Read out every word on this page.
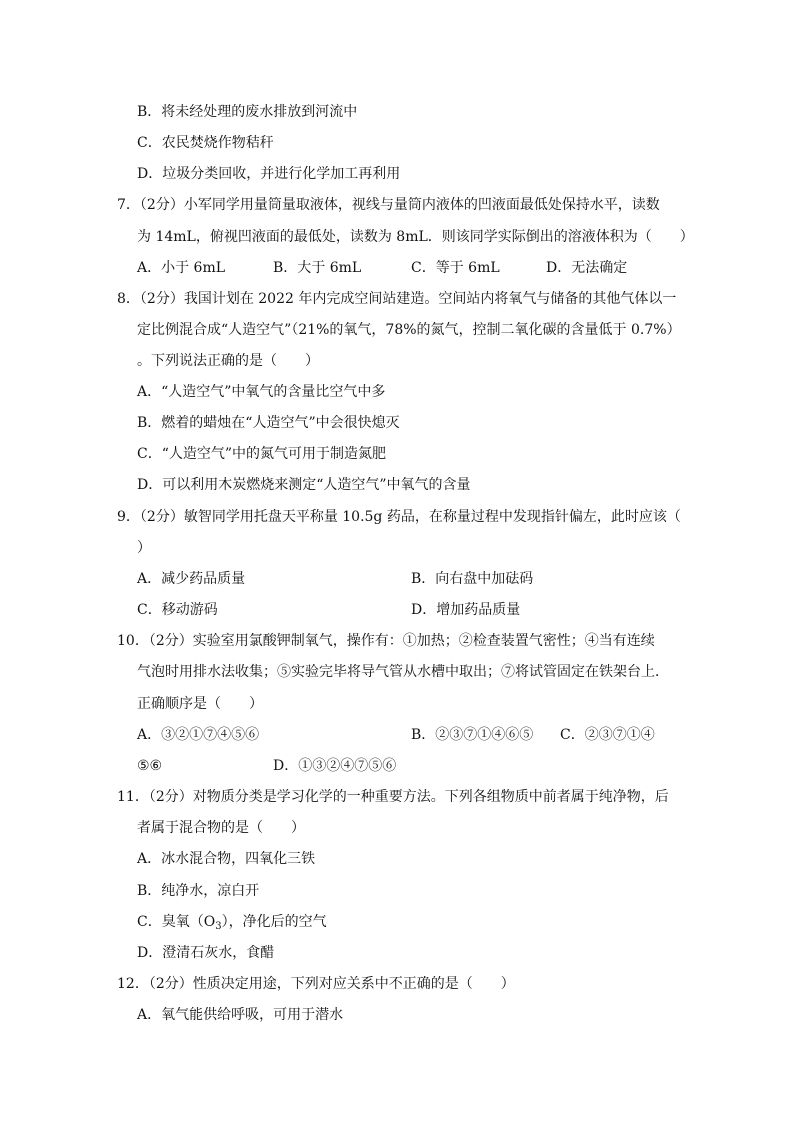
B．将未经处理的废水排放到河流中
C．农民焚烧作物秸秆
D．垃圾分类回收，并进行化学加工再利用
7．（2分）小军同学用量筒量取液体，视线与量筒内液体的凹液面最低处保持水平，读数
为 14mL，俯视凹液面的最低处，读数为 8mL．则该同学实际倒出的溶液体积为（　　）
A．小于 6mL	B．大于 6mL	C．等于 6mL	D．无法确定
8．（2分）我国计划在 2022 年内完成空间站建造。空间站内将氧气与储备的其他气体以一
定比例混合成“人造空气”（21%的氧气，78%的氮气，控制二氧化碳的含量低于 0.7%）
。下列说法正确的是（　　）
A．“人造空气”中氧气的含量比空气中多
B．燃着的蜡烛在“人造空气”中会很快熄灭
C．“人造空气”中的氮气可用于制造氮肥
D．可以利用木炭燃烧来测定“人造空气”中氧气的含量
9．（2分）敏智同学用托盘天平称量 10.5g 药品，在称量过程中发现指针偏左，此时应该（
）
A．减少药品质量	B．向右盘中加砝码
C．移动游码	D．增加药品质量
10．（2分）实验室用氯酸钾制氧气，操作有：①加热；②检查装置气密性；④当有连续
气泡时用排水法收集；⑤实验完毕将导气管从水槽中取出；⑦将试管固定在铁架台上．
正确顺序是（　　）
A．③②①⑦④⑤⑥	B．②③⑦①④⑥⑤ C．②③⑦①④
⑤⑥	D．①③②④⑦⑤⑥
11．（2分）对物质分类是学习化学的一种重要方法。下列各组物质中前者属于纯净物，后
者属于混合物的是（　　）
A．冰水混合物，四氧化三铁
B．纯净水，凉白开
C．臭氧$(O_3)$，净化后的空气
D．澄清石灰水，食醋
12．（2分）性质决定用途，下列对应关系中不正确的是（　　）
A．氧气能供给呼吸，可用于潜水
